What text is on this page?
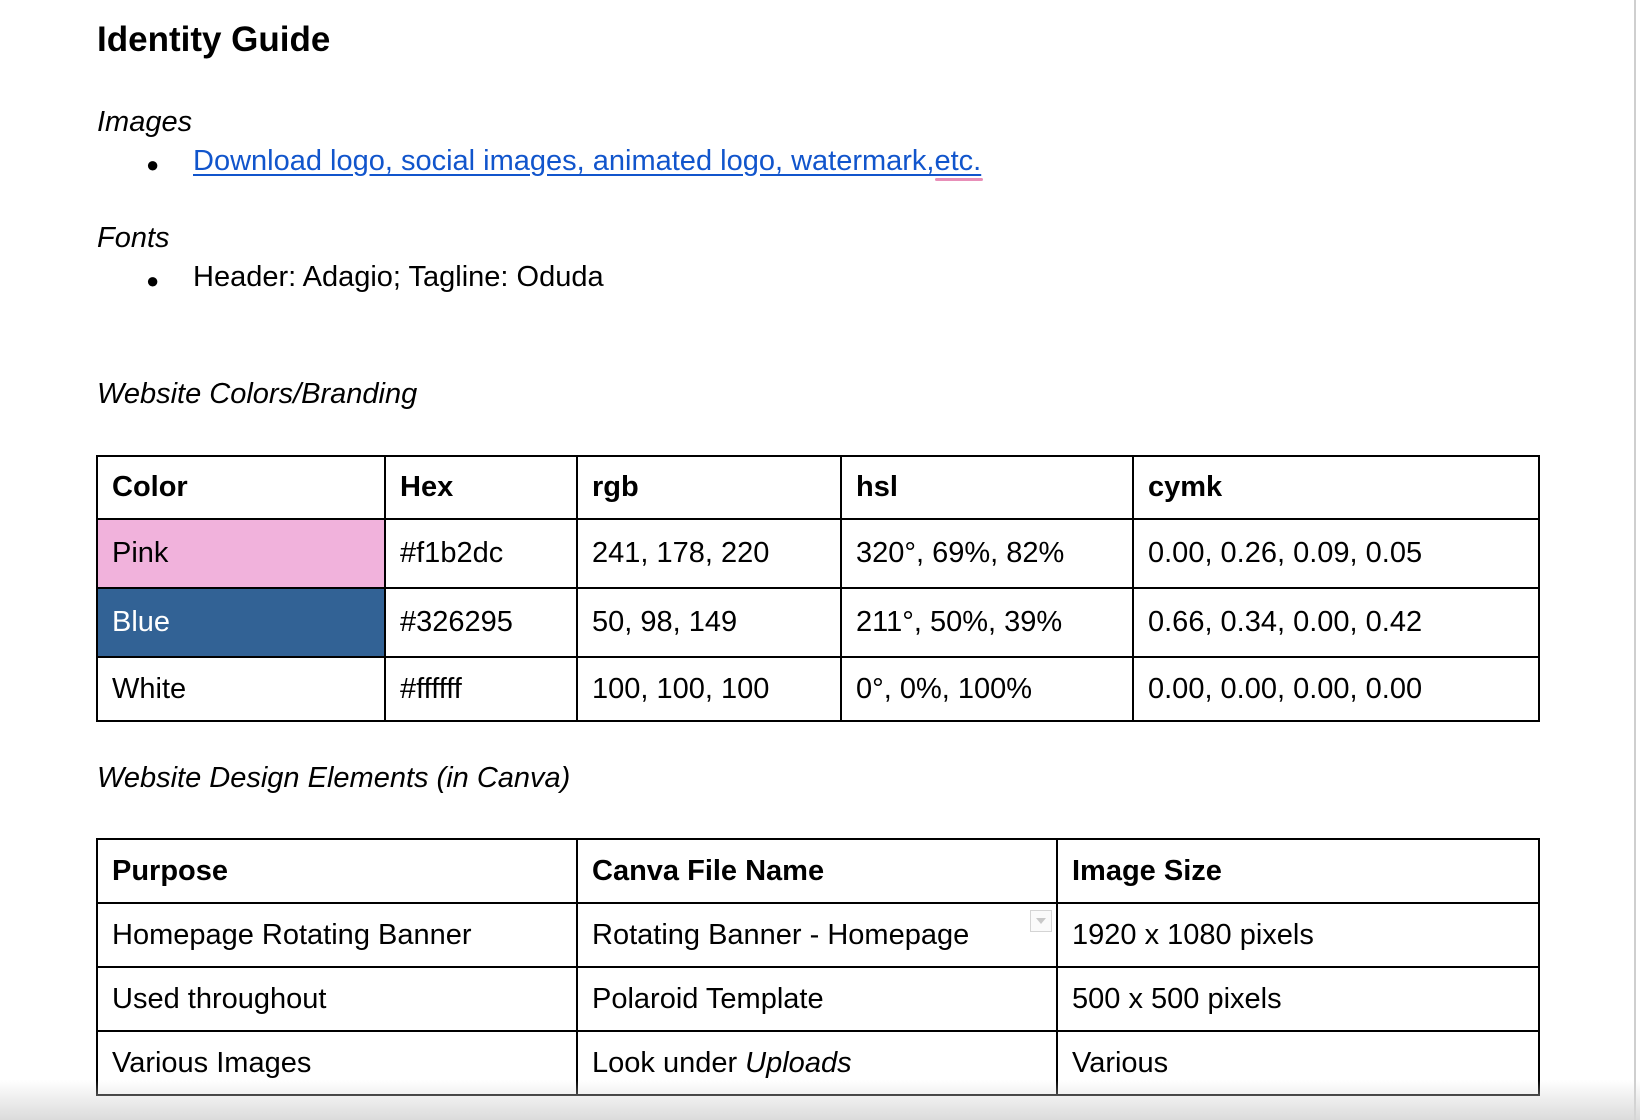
Identity Guide
Images
● Download logo, social images, animated logo, watermark,etc.
Fonts
● Header: Adagio; Tagline: Oduda
Website Colors/Branding
Color	Hex	rgb	hsl	cymk
Pink	#f1b2dc	241, 178, 220	320°, 69%, 82%	0.00, 0.26, 0.09, 0.05
Blue	#326295	50, 98, 149	211°, 50%, 39%	0.66, 0.34, 0.00, 0.42
White	#ffffff	100, 100, 100	0°, 0%, 100%	0.00, 0.00, 0.00, 0.00
Website Design Elements (in Canva)
Purpose	Canva File Name	Image Size
Homepage Rotating Banner	Rotating Banner - Homepage	1920 x 1080 pixels
Used throughout	Polaroid Template	500 x 500 pixels
Various Images	Look under Uploads	Various
